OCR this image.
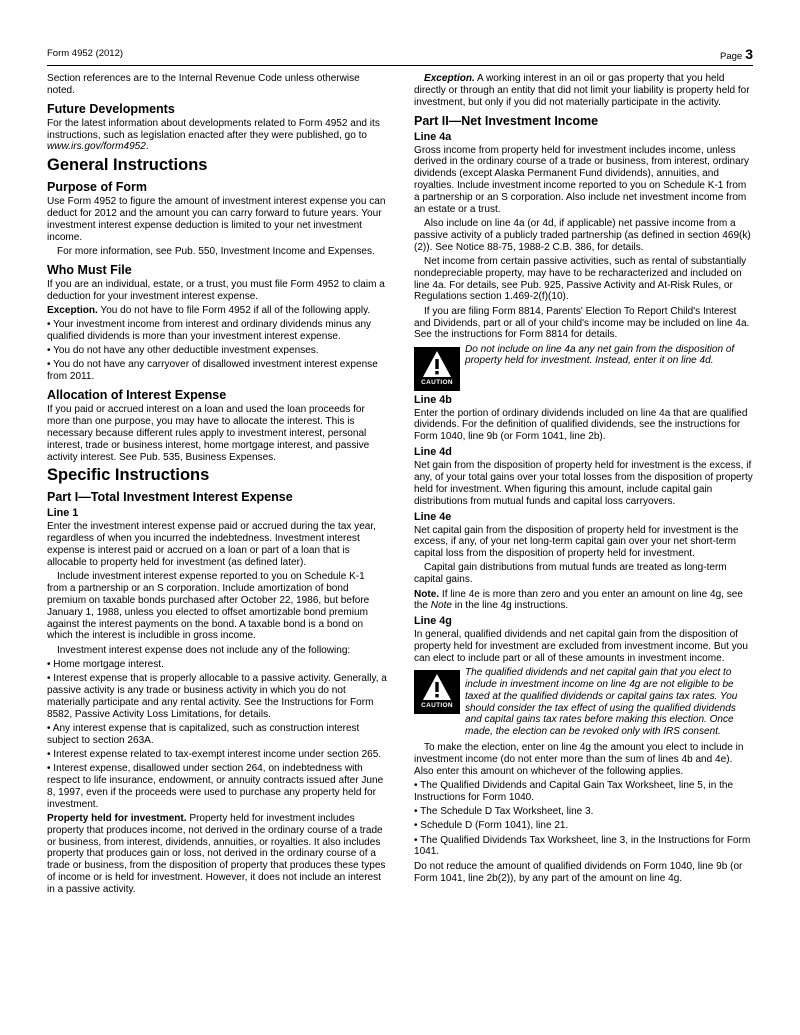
Form 4952 (2012)	Page 3

Section references are to the Internal Revenue Code unless otherwise noted.

Future Developments

For the latest information about developments related to Form 4952 and its instructions, such as legislation enacted after they were published, go to www.irs.gov/form4952.

General Instructions
Purpose of Form

Use Form 4952 to figure the amount of investment interest expense you can deduct for 2012 and the amount you can carry forward to future years. Your investment interest expense deduction is limited to your net investment income.

For more information, see Pub. 550, Investment Income and Expenses.

Who Must File

If you are an individual, estate, or a trust, you must file Form 4952 to claim a deduction for your investment interest expense.

Exception. You do not have to file Form 4952 if all of the following apply.

• Your investment income from interest and ordinary dividends minus any qualified dividends is more than your investment interest expense.

• You do not have any other deductible investment expenses.

• You do not have any carryover of disallowed investment interest expense from 2011.

Allocation of Interest Expense

If you paid or accrued interest on a loan and used the loan proceeds for more than one purpose, you may have to allocate the interest. This is necessary because different rules apply to investment interest, personal interest, trade or business interest, home mortgage interest, and passive activity interest. See Pub. 535, Business Expenses.

Specific Instructions
Part I—Total Investment Interest Expense
Line 1

Enter the investment interest expense paid or accrued during the tax year, regardless of when you incurred the indebtedness. Investment interest expense is interest paid or accrued on a loan or part of a loan that is allocable to property held for investment (as defined later).

Include investment interest expense reported to you on Schedule K-1 from a partnership or an S corporation. Include amortization of bond premium on taxable bonds purchased after October 22, 1986, but before January 1, 1988, unless you elected to offset amortizable bond premium against the interest payments on the bond. A taxable bond is a bond on which the interest is includible in gross income.

Investment interest expense does not include any of the following:

• Home mortgage interest.

• Interest expense that is properly allocable to a passive activity. Generally, a passive activity is any trade or business activity in which you do not materially participate and any rental activity. See the Instructions for Form 8582, Passive Activity Loss Limitations, for details.

• Any interest expense that is capitalized, such as construction interest subject to section 263A.

• Interest expense related to tax-exempt interest income under section 265.

• Interest expense, disallowed under section 264, on indebtedness with respect to life insurance, endowment, or annuity contracts issued after June 8, 1997, even if the proceeds were used to purchase any property held for investment.

Property held for investment. Property held for investment includes property that produces income, not derived in the ordinary course of a trade or business, from interest, dividends, annuities, or royalties. It also includes property that produces gain or loss, not derived in the ordinary course of a trade or business, from the disposition of property that produces these types of income or is held for investment. However, it does not include an interest in a passive activity.

Exception. A working interest in an oil or gas property that you held directly or through an entity that did not limit your liability is property held for investment, but only if you did not materially participate in the activity.

Part II—Net Investment Income
Line 4a

Gross income from property held for investment includes income, unless derived in the ordinary course of a trade or business, from interest, ordinary dividends (except Alaska Permanent Fund dividends), annuities, and royalties. Include investment income reported to you on Schedule K-1 from a partnership or an S corporation. Also include net investment income from an estate or a trust.

Also include on line 4a (or 4d, if applicable) net passive income from a passive activity of a publicly traded partnership (as defined in section 469(k)(2)). See Notice 88-75, 1988-2 C.B. 386, for details.

Net income from certain passive activities, such as rental of substantially nondepreciable property, may have to be recharacterized and included on line 4a. For details, see Pub. 925, Passive Activity and At-Risk Rules, or Regulations section 1.469-2(f)(10).

If you are filing Form 8814, Parents' Election To Report Child's Interest and Dividends, part or all of your child's income may be included on line 4a. See the instructions for Form 8814 for details.

CAUTION
Do not include on line 4a any net gain from the disposition of property held for investment. Instead, enter it on line 4d.
Line 4b

Enter the portion of ordinary dividends included on line 4a that are qualified dividends. For the definition of qualified dividends, see the instructions for Form 1040, line 9b (or Form 1041, line 2b).

Line 4d

Net gain from the disposition of property held for investment is the excess, if any, of your total gains over your total losses from the disposition of property held for investment. When figuring this amount, include capital gain distributions from mutual funds and capital loss carryovers.

Line 4e

Net capital gain from the disposition of property held for investment is the excess, if any, of your net long-term capital gain over your net short-term capital loss from the disposition of property held for investment.

Capital gain distributions from mutual funds are treated as long-term capital gains.

Note. If line 4e is more than zero and you enter an amount on line 4g, see the Note in the line 4g instructions.

Line 4g

In general, qualified dividends and net capital gain from the disposition of property held for investment are excluded from investment income. But you can elect to include part or all of these amounts in investment income.

CAUTION
The qualified dividends and net capital gain that you elect to include in investment income on line 4g are not eligible to be taxed at the qualified dividends or capital gains tax rates. You should consider the tax effect of using the qualified dividends and capital gains tax rates before making this election. Once made, the election can be revoked only with IRS consent.

To make the election, enter on line 4g the amount you elect to include in investment income (do not enter more than the sum of lines 4b and 4e). Also enter this amount on whichever of the following applies.

• The Qualified Dividends and Capital Gain Tax Worksheet, line 5, in the Instructions for Form 1040.

• The Schedule D Tax Worksheet, line 3.

• Schedule D (Form 1041), line 21.

• The Qualified Dividends Tax Worksheet, line 3, in the Instructions for Form 1041.

Do not reduce the amount of qualified dividends on Form 1040, line 9b (or Form 1041, line 2b(2)), by any part of the amount on line 4g.
